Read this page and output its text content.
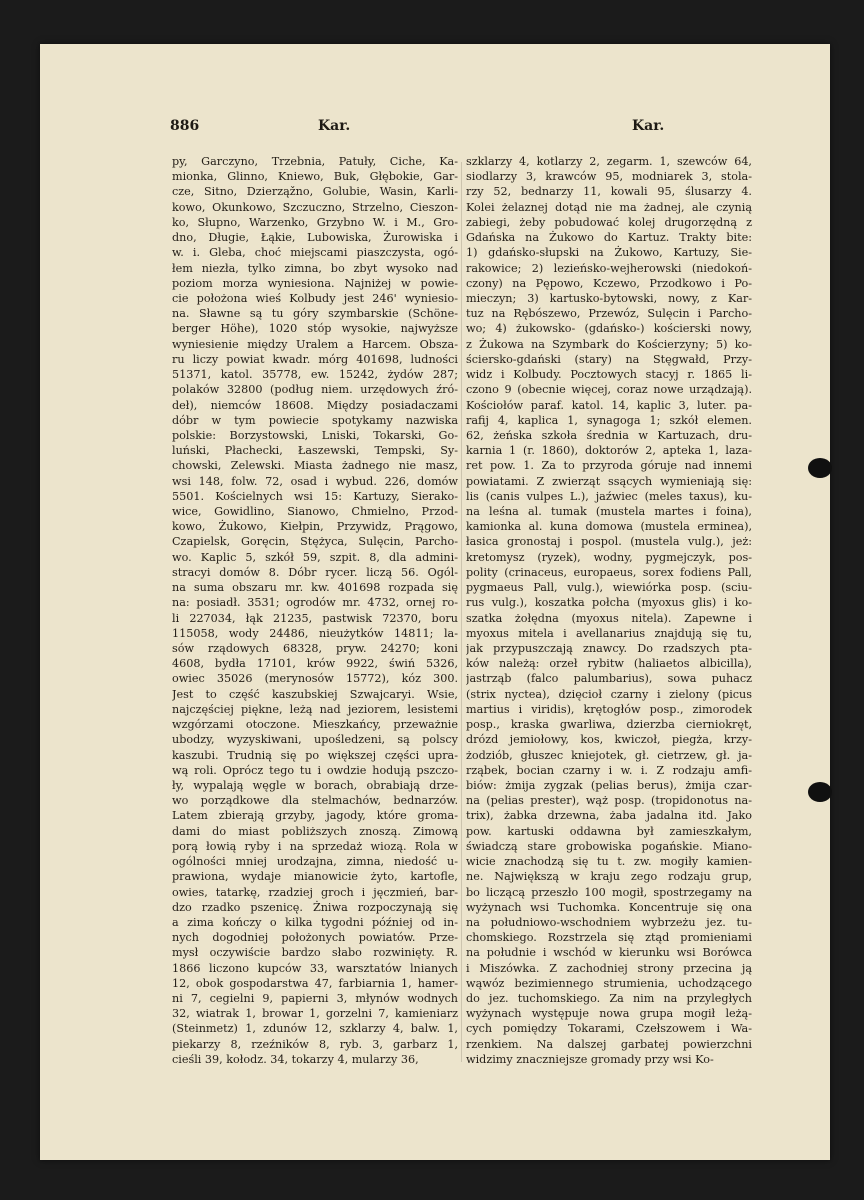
886	Kar.	Kar.
py, Garczyno, Trzebnia, Patuły, Ciche, Ka-
mionka, Glinno, Kniewo, Buk, Głębokie, Gar-
cze, Sitno, Dzierząžno, Golubie, Wasin, Karli-
kowo, Okunkowo, Szczuczno, Strzelno, Cieszon-
ko, Słupno, Warzenko, Grzybno W. i M., Gro-
dno, Długie, Łąkie, Lubowiska, Żurowiska i
w. i. Gleba, choć miejscami piaszczysta, ogó-
łem niezła, tylko zimna, bo zbyt wysoko nad
poziom morza wyniesiona. Najniżej w powie-
cie położona wieś Kolbudy jest 246' wyniesio-
na. Sławne są tu góry szymbarskie (Schöne-
berger Höhe), 1020 stóp wysokie, najwyższe
wyniesienie między Uralem a Harcem. Obsza-
ru liczy powiat kwadr. mórg 401698, ludności
51371, katol. 35778, ew. 15242, żydów 287;
polaków 32800 (podług niem. urzędowych źró-
deł), niemców 18608. Między posiadaczami
dóbr w tym powiecie spotykamy nazwiska
polskie: Borzystowski, Lniski, Tokarski, Go-
luński, Płachecki, Łaszewski, Tempski, Sy-
chowski, Zelewski. Miasta żadnego nie masz,
wsi 148, folw. 72, osad i wybud. 226, domów
5501. Kościelnych wsi 15: Kartuzy, Sierako-
wice, Gowidlino, Sianowo, Chmielno, Przod-
kowo, Żukowo, Kiełpin, Przywidz, Prągowo,
Czapielsk, Goręcin, Stężyca, Sulęcin, Parcho-
wo. Kaplic 5, szkół 59, szpit. 8, dla admini-
stracyi domów 8. Dóbr rycer. liczą 56. Ogól-
na suma obszaru mr. kw. 401698 rozpada się
na: posiadł. 3531; ogrodów mr. 4732, ornej ro-
li 227034, łąk 21235, pastwisk 72370, boru
115058, wody 24486, nieużytków 14811; la-
sów rządowych 68328, pryw. 24270; koni
4608, bydła 17101, krów 9922, świń 5326,
owiec 35026 (merynosów 15772), kóz 300.
Jest to część kaszubskiej Szwajcaryi. Wsie,
najczęściej piękne, leżą nad jeziorem, lesistemi
wzgórzami otoczone. Mieszkańcy, przeważnie
ubodzy, wyzyskiwani, upośledzeni, są polscy
kaszubi. Trudnią się po większej części upra-
wą roli. Oprócz tego tu i owdzie hodują pszczo-
ły, wypalają węgle w borach, obrabiają drze-
wo porządkowe dla stelmachów, bednarzów.
Latem zbierają grzyby, jagody, które groma-
dami do miast pobliższych znoszą. Zimową
porą łowią ryby i na sprzedaż wiozą. Rola w
ogólności mniej urodzajna, zimna, niedość u-
prawiona, wydaje mianowicie żyto, kartofle,
owies, tatarkę, rzadziej groch i jęczmień, bar-
dzo rzadko pszenicę. Żniwa rozpoczynają się
a zima kończy o kilka tygodni później od in-
nych dogodniej położonych powiatów. Prze-
mysł oczywiście bardzo słabo rozwinięty. R.
1866 liczono kupców 33, warsztatów lnianych
12, obok gospodarstwa 47, farbiarnia 1, hamer-
ni 7, cegielni 9, papierni 3, młynów wodnych
32, wiatrak 1, browar 1, gorzelni 7, kamieniarz
(Steinmetz) 1, zdunów 12, szklarzy 4, balw. 1,
piekarzy 8, rzeźników 8, ryb. 3, garbarz 1,
cieśli 39, kołodz. 34, tokarzy 4, mularzy 36,
szklarzy 4, kotlarzy 2, zegarm. 1, szewców 64,
siodlarzy 3, krawców 95, modniarek 3, stola-
rzy 52, bednarzy 11, kowali 95, ślusarzy 4.
Kolei żelaznej dotąd nie ma żadnej, ale czynią
zabiegi, żeby pobudować kolej drugorzędną z
Gdańska na Żukowo do Kartuz. Trakty bite:
1) gdańsko-słupski na Żukowo, Kartuzy, Sie-
rakowice; 2) lezieńsko-wejherowski (niedokoń-
czony) na Pępowo, Kczewo, Przodkowo i Po-
mieczyn; 3) kartusko-bytowski, nowy, z Kar-
tuz na Rębószewo, Przewóz, Sulęcin i Parcho-
wo; 4) żukowsko- (gdańsko-) kościerski nowy,
z Żukowa na Szymbark do Kościerzyny; 5) ko-
ścierskо-gdański (stary) na Stęgwałd, Przy-
widz i Kolbudy. Pocztowych stacyj r. 1865 li-
czono 9 (obecnie więcej, coraz nowe urządzają).
Kościołów paraf. katol. 14, kaplic 3, luter. pa-
rafij 4, kaplica 1, synagoga 1; szkół elemen.
62, żeńska szkoła średnia w Kartuzach, dru-
karnia 1 (r. 1860), doktorów 2, apteka 1, laza-
ret pow. 1. Za to przyroda góruje nad innemi
powiatami. Z zwierząt ssących wymieniają się:
lis (canis vulpes L.), jaźwiec (meles taxus), ku-
na leśna al. tumak (mustela martes i foina),
kamionka al. kuna domowa (mustela erminea),
łasica gronostaj i pospol. (mustela vulg.), jeż:
kretomysz (ryzek), wodny, pygmejczyk, pos-
polity (crinaceus, europaeus, sorex fodiens Pall,
pygmaeus Pall, vulg.), wiewiórka posp. (sciu-
rus vulg.), koszatka połcha (myoxus glis) i ko-
szatka żołędna (myoxus nitela). Zapewne i
myoxus mitela i avellanarius znajdują się tu,
jak przypuszczają znawcy. Do rzadszych pta-
ków należą: orzeł rybitw (haliaetos albicilla),
jastrząb (falco palumbarius), sowa puhacz
(strix nyctea), dzięcioł czarny i zielony (picus
martius i viridis), krętogłów posp., zimorodek
posp., kraska gwarliwa, dzierzba cierniokręt,
drózd jemiołowy, kos, kwiczoł, piegża, krzy-
żodziób, głuszec kniejotek, gł. cietrzew, gł. ja-
rząbek, bocian czarny i w. i. Z rodzaju amfi-
biów: żmija zygzak (pelias berus), żmija czar-
na (pelias prester), wąż posp. (tropidonotus na-
trix), żabka drzewna, żaba jadalna itd. Jako
pow. kartuski oddawna był zamieszkałym,
świadczą stare grobowiska pogańskie. Miano-
wicie znachodzą się tu t. zw. mogiły kamien-
ne. Największą w kraju zego rodzaju grup,
bo liczącą przeszło 100 mogił, spostrzegamy na
wyżynach wsi Tuchomka. Koncentruje się ona
na południowo-wschodniem wybrzeżu jez. tu-
chomskiego. Rozstrzela się ztąd promieniami
na południe i wschód w kierunku wsi Borówca
i Miszówka. Z zachodniej strony przecina ją
wąwóz bezimiennego strumienia, uchodzącego
do jez. tuchomskiego. Za nim na przyległych
wyżynach występuje nowa grupa mogił leżą-
cych pomiędzy Tokarami, Czełszowem i Wa-
rzenkiem. Na dalszej garbatej powierzchni
widzimy znaczniejsze gromady przy wsi Ko-
